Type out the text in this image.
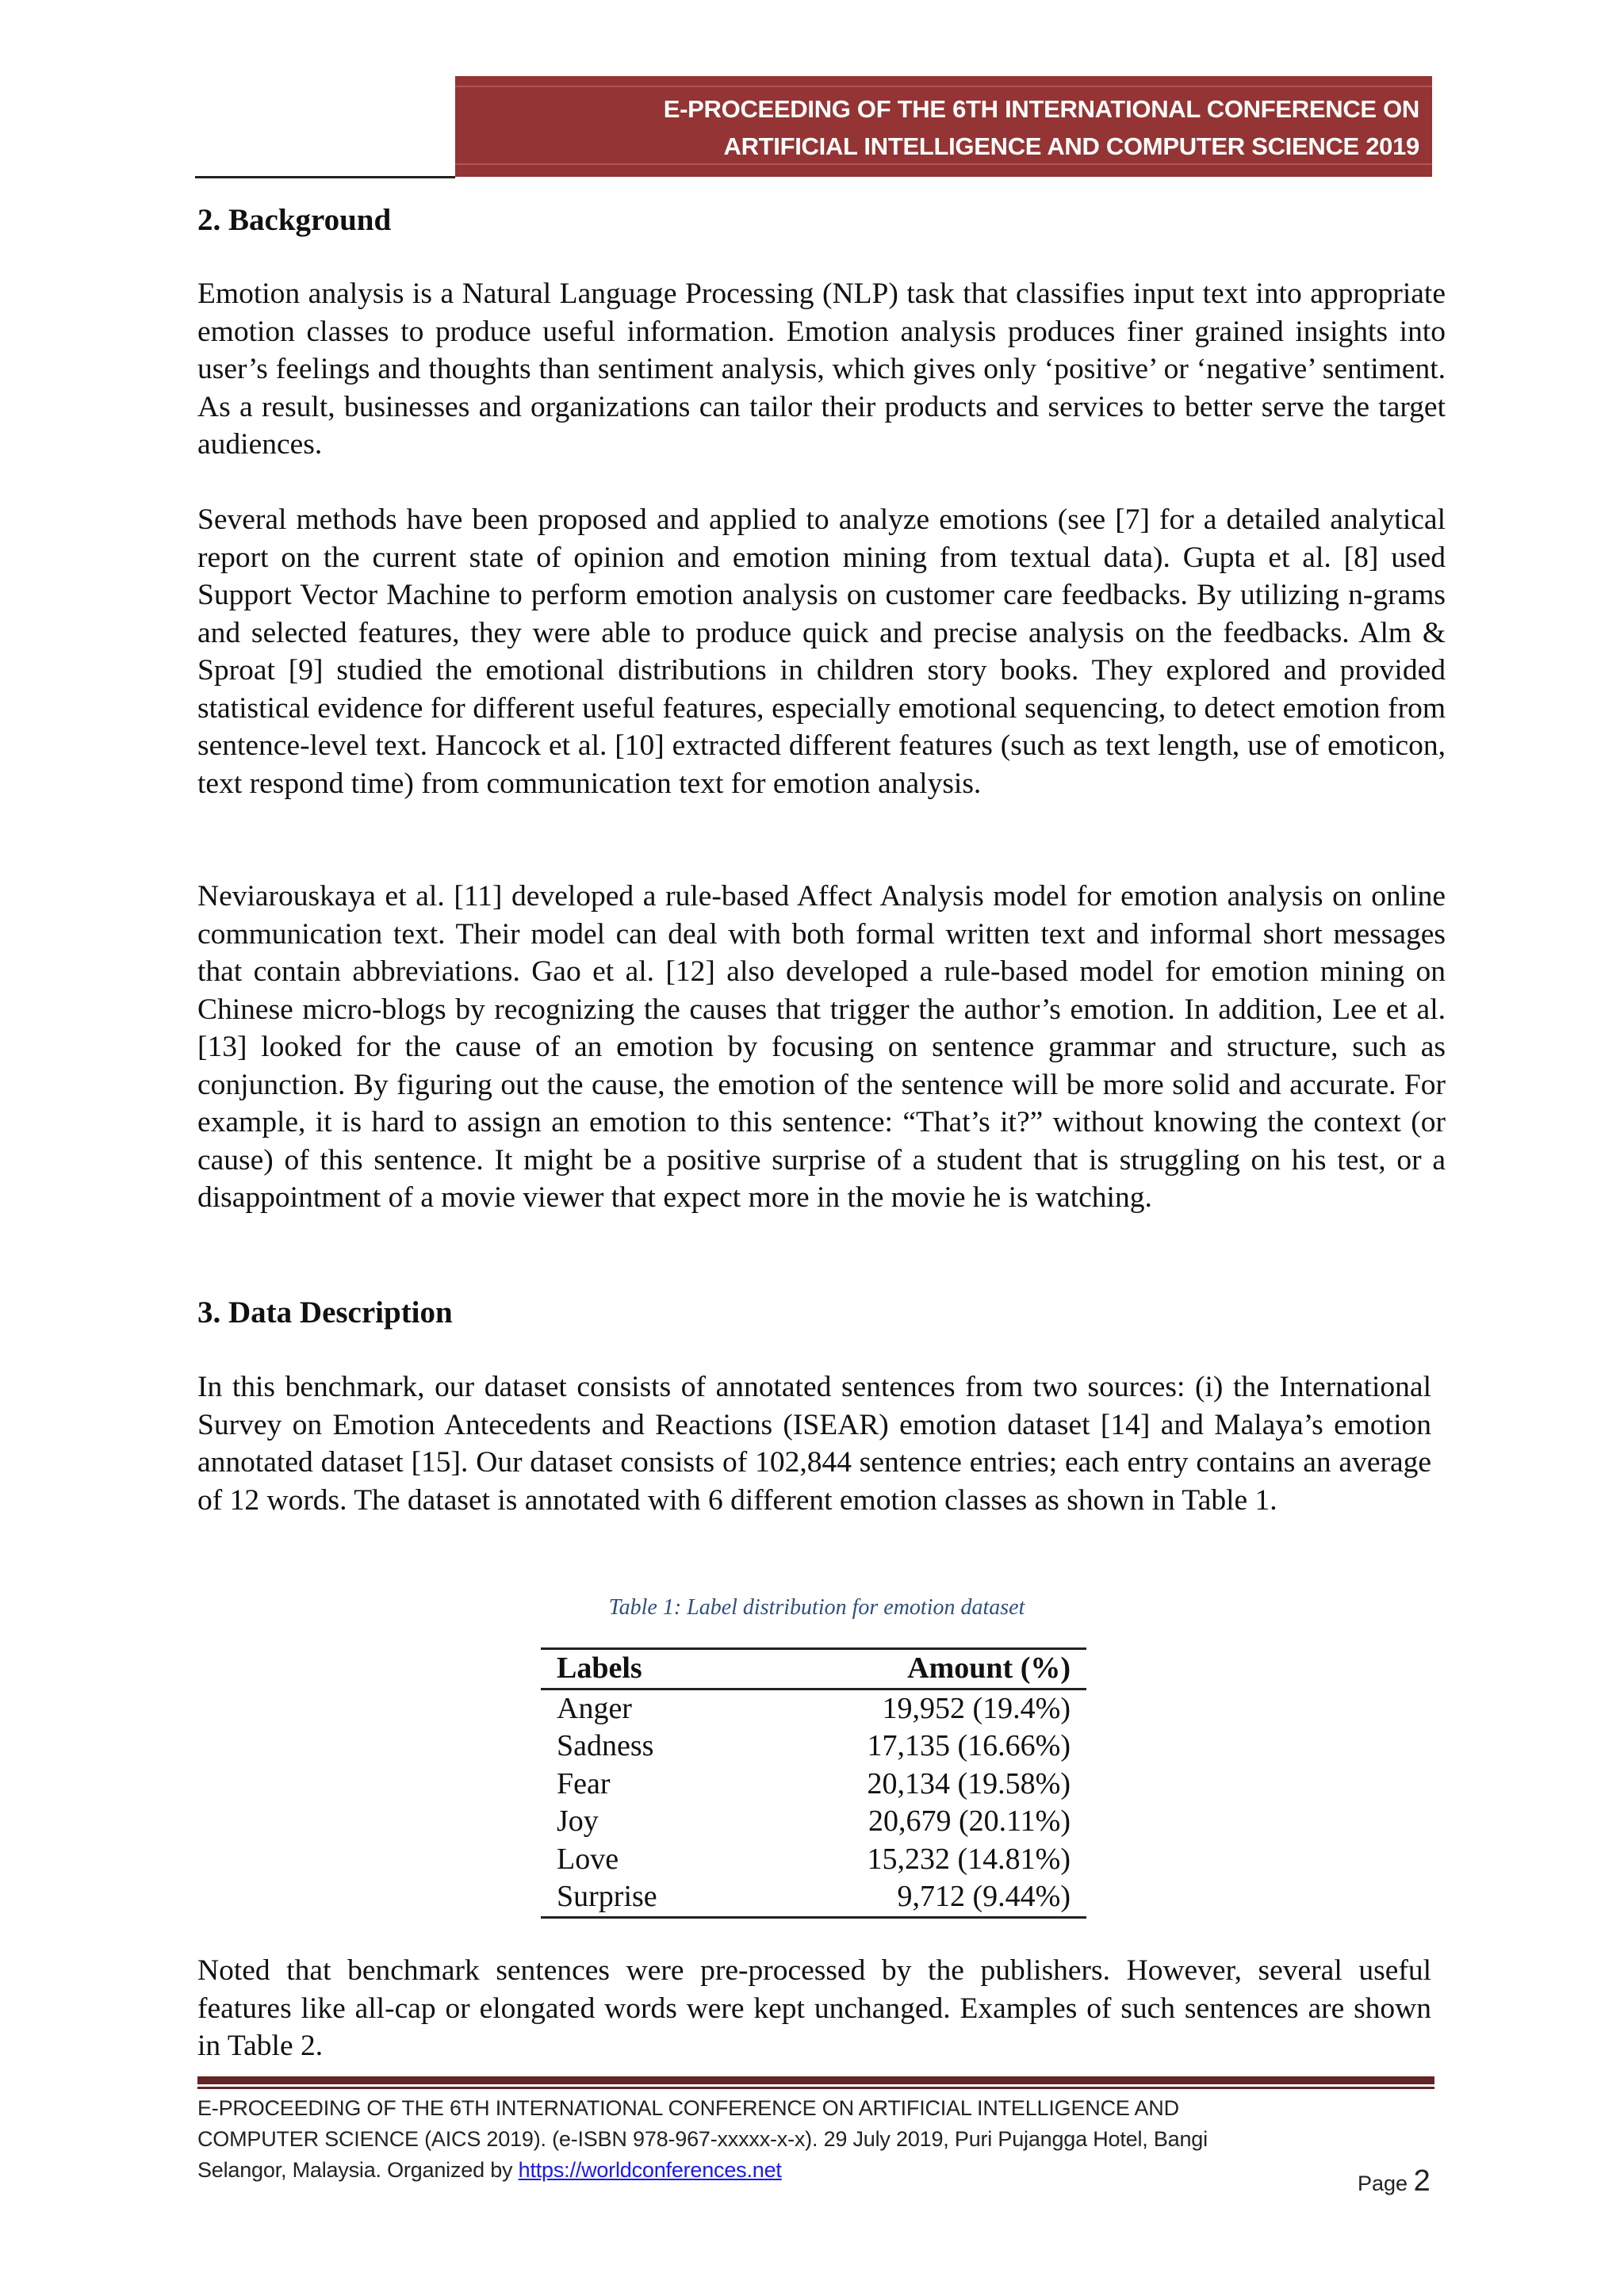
E-PROCEEDING OF THE 6TH INTERNATIONAL CONFERENCE ON
ARTIFICIAL INTELLIGENCE AND COMPUTER SCIENCE 2019
2. Background

Emotion analysis is a Natural Language Processing (NLP) task that classifies input text into appropriate emotion classes to produce useful information. Emotion analysis produces finer grained insights into user’s feelings and thoughts than sentiment analysis, which gives only ‘positive’ or ‘negative’ sentiment. As a result, businesses and organizations can tailor their products and services to better serve the target audiences.

Several methods have been proposed and applied to analyze emotions (see [7] for a detailed analytical report on the current state of opinion and emotion mining from textual data). Gupta et al. [8] used Support Vector Machine to perform emotion analysis on customer care feedbacks. By utilizing n-grams and selected features, they were able to produce quick and precise analysis on the feedbacks. Alm & Sproat [9] studied the emotional distributions in children story books. They explored and provided statistical evidence for different useful features, especially emotional sequencing, to detect emotion from sentence-level text. Hancock et al. [10] extracted different features (such as text length, use of emoticon, text respond time) from communication text for emotion analysis.

Neviarouskaya et al. [11] developed a rule-based Affect Analysis model for emotion analysis on online communication text. Their model can deal with both formal written text and informal short messages that contain abbreviations. Gao et al. [12] also developed a rule-based model for emotion mining on Chinese micro-blogs by recognizing the causes that trigger the author’s emotion. In addition, Lee et al. [13] looked for the cause of an emotion by focusing on sentence grammar and structure, such as conjunction. By figuring out the cause, the emotion of the sentence will be more solid and accurate. For example, it is hard to assign an emotion to this sentence: “That’s it?” without knowing the context (or cause) of this sentence. It might be a positive surprise of a student that is struggling on his test, or a disappointment of a movie viewer that expect more in the movie he is watching.

3. Data Description

In this benchmark, our dataset consists of annotated sentences from two sources: (i) the International Survey on Emotion Antecedents and Reactions (ISEAR) emotion dataset [14] and Malaya’s emotion annotated dataset [15]. Our dataset consists of 102,844 sentence entries; each entry contains an average of 12 words. The dataset is annotated with 6 different emotion classes as shown in Table 1.

Table 1: Label distribution for emotion dataset
Labels	Amount (%)
Anger	19,952 (19.4%)
Sadness	17,135 (16.66%)
Fear	20,134 (19.58%)
Joy	20,679 (20.11%)
Love	15,232 (14.81%)
Surprise	9,712 (9.44%)

Noted that benchmark sentences were pre-processed by the publishers. However, several useful features like all-cap or elongated words were kept unchanged. Examples of such sentences are shown in Table 2.

E-PROCEEDING OF THE 6TH INTERNATIONAL CONFERENCE ON ARTIFICIAL INTELLIGENCE AND
COMPUTER SCIENCE (AICS 2019). (e-ISBN 978-967-xxxxx-x-x). 29 July 2019, Puri Pujangga Hotel, Bangi
Selangor, Malaysia. Organized by https://worldconferences.net
Page 2
